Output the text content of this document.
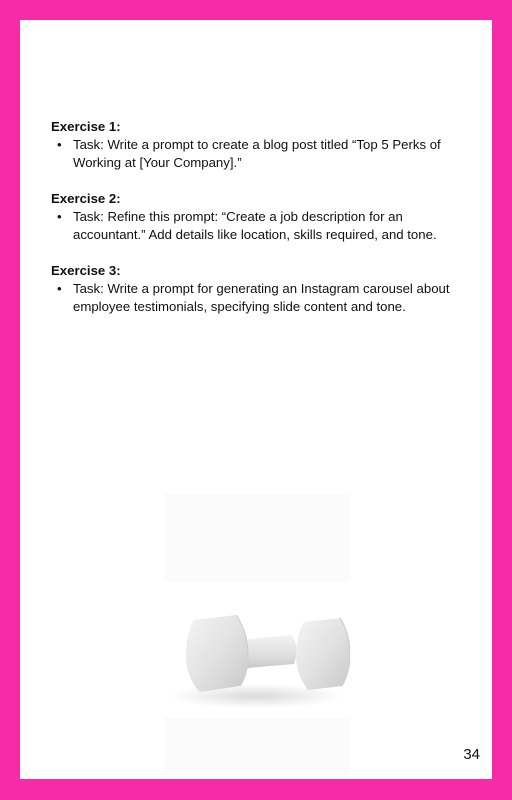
Exercise 1:

• Task: Write a prompt to create a blog post titled “Top 5 Perks of Working at [Your Company].”

Exercise 2:

• Task: Refine this prompt: “Create a job description for an accountant.” Add details like location, skills required, and tone.

Exercise 3:

• Task: Write a prompt for generating an Instagram carousel about employee testimonials, specifying slide content and tone.
34
